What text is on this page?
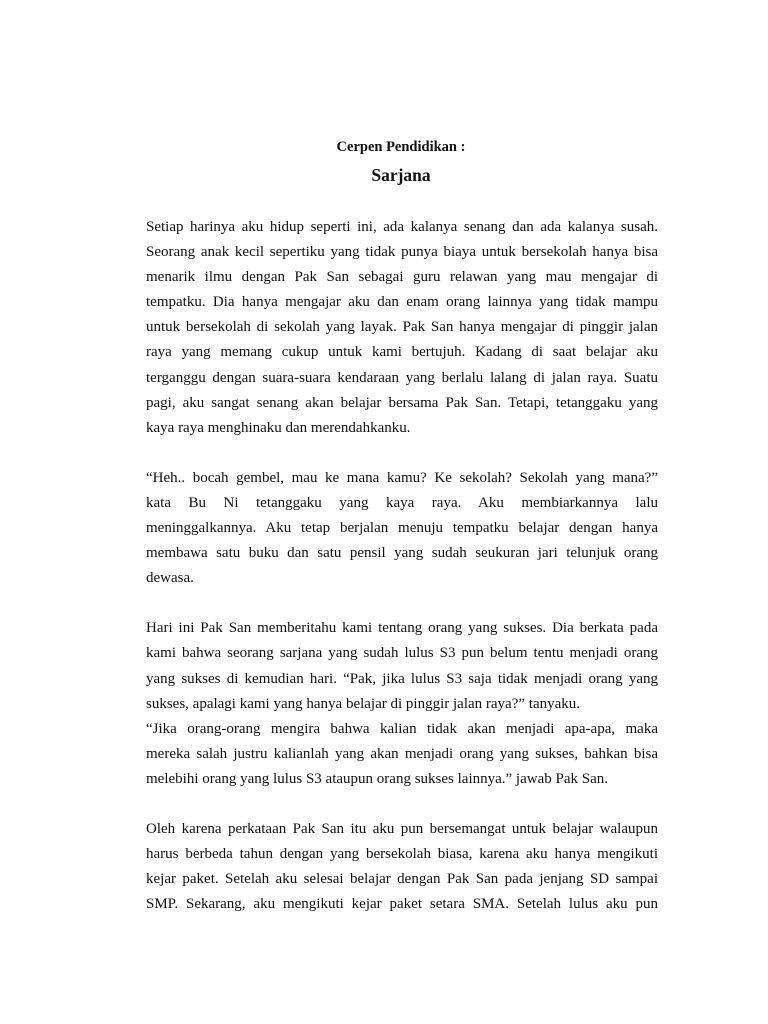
Cerpen Pendidikan :
Sarjana

Setiap harinya aku hidup seperti ini, ada kalanya senang dan ada kalanya susah.
Seorang anak kecil sepertiku yang tidak punya biaya untuk bersekolah hanya bisa
menarik ilmu dengan Pak San sebagai guru relawan yang mau mengajar di
tempatku. Dia hanya mengajar aku dan enam orang lainnya yang tidak mampu
untuk bersekolah di sekolah yang layak. Pak San hanya mengajar di pinggir jalan
raya yang memang cukup untuk kami bertujuh. Kadang di saat belajar aku
terganggu dengan suara-suara kendaraan yang berlalu lalang di jalan raya. Suatu
pagi, aku sangat senang akan belajar bersama Pak San. Tetapi, tetanggaku yang
kaya raya menghinaku dan merendahkanku.

“Heh.. bocah gembel, mau ke mana kamu? Ke sekolah? Sekolah yang mana?”
kata Bu Ni tetanggaku yang kaya raya. Aku membiarkannya lalu
meninggalkannya. Aku tetap berjalan menuju tempatku belajar dengan hanya
membawa satu buku dan satu pensil yang sudah seukuran jari telunjuk orang
dewasa.

Hari ini Pak San memberitahu kami tentang orang yang sukses. Dia berkata pada
kami bahwa seorang sarjana yang sudah lulus S3 pun belum tentu menjadi orang
yang sukses di kemudian hari. “Pak, jika lulus S3 saja tidak menjadi orang yang
sukses, apalagi kami yang hanya belajar di pinggir jalan raya?” tanyaku.

“Jika orang-orang mengira bahwa kalian tidak akan menjadi apa-apa, maka
mereka salah justru kalianlah yang akan menjadi orang yang sukses, bahkan bisa
melebihi orang yang lulus S3 ataupun orang sukses lainnya.” jawab Pak San.

Oleh karena perkataan Pak San itu aku pun bersemangat untuk belajar walaupun
harus berbeda tahun dengan yang bersekolah biasa, karena aku hanya mengikuti
kejar paket. Setelah aku selesai belajar dengan Pak San pada jenjang SD sampai
SMP. Sekarang, aku mengikuti kejar paket setara SMA. Setelah lulus aku pun
